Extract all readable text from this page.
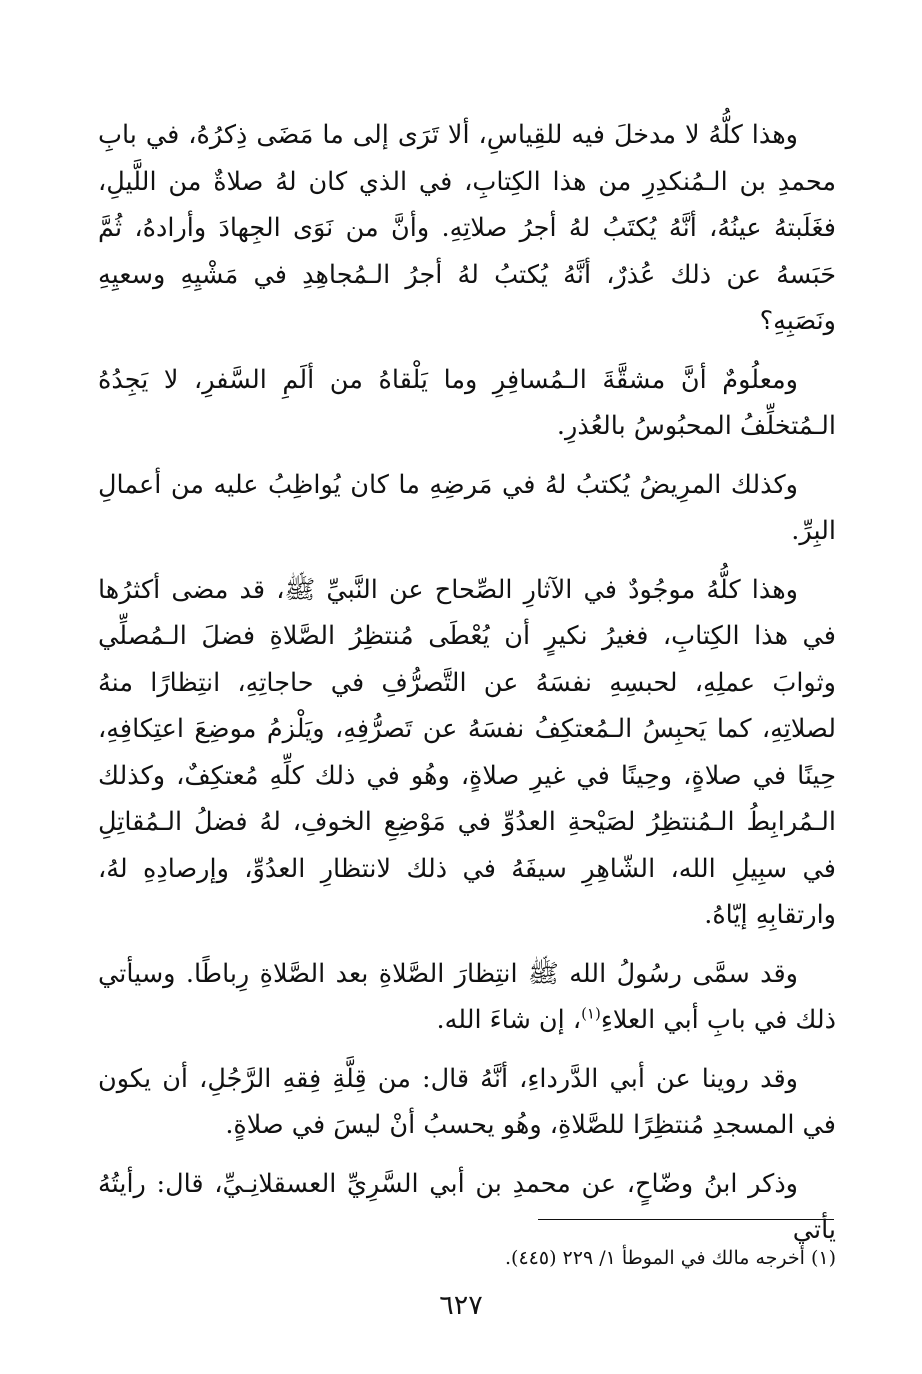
وهذا كلُّهُ لا مدخلَ فيه للقِياسِ، ألا تَرَى إلى ما مَضَى ذِكرُهُ، في بابِ محمدِ بن الـمُنكدِرِ من هذا الكِتابِ، في الذي كان لهُ صلاةٌ من اللَّيلِ، فغَلَبتهُ عينُهُ، أنَّهُ يُكتَبُ لهُ أجرُ صلاتِهِ. وأنَّ من نَوَى الجِهادَ وأرادهُ، ثُمَّ حَبَسهُ عن ذلك عُذرٌ، أنَّهُ يُكتبُ لهُ أجرُ الـمُجاهِدِ في مَشْيِهِ وسعيِهِ ونَصَبِهِ؟

ومعلُومٌ أنَّ مشقَّةَ الـمُسافِرِ وما يَلْقاهُ من ألَمِ السَّفرِ، لا يَجِدُهُ الـمُتخلِّفُ المحبُوسُ بالعُذرِ.

وكذلك المرِيضُ يُكتبُ لهُ في مَرضِهِ ما كان يُواظِبُ عليه من أعمالِ البِرِّ.

وهذا كلُّهُ موجُودٌ في الآثارِ الصِّحاح عن النَّبيِّ ﷺ، قد مضى أكثرُها في هذا الكِتابِ، فغيرُ نكيرٍ أن يُعْطَى مُنتظِرُ الصَّلاةِ فضلَ الـمُصلِّي وثوابَ عملِهِ، لحبسِهِ نفسَهُ عن التَّصرُّفِ في حاجاتِهِ، انتِظارًا منهُ لصلاتِهِ، كما يَحبِسُ الـمُعتكِفُ نفسَهُ عن تَصرُّفِهِ، ويَلْزمُ موضِعَ اعتِكافِهِ، حِينًا في صلاةٍ، وحِينًا في غيرِ صلاةٍ، وهُو في ذلك كلِّهِ مُعتكِفٌ، وكذلك الـمُرابِطُ الـمُنتظِرُ لصَيْحةِ العدُوِّ في مَوْضِعِ الخوفِ، لهُ فضلُ الـمُقاتِلِ في سبِيلِ الله، الشّاهِرِ سيفَهُ في ذلك لانتظارِ العدُوِّ، وإرصادِهِ لهُ، وارتقابِهِ إيّاهُ.

وقد سمَّى رسُولُ الله ﷺ انتِظارَ الصَّلاةِ بعد الصَّلاةِ رِباطًا. وسيأتي ذلك في بابِ أبي العلاءِ$^{(١)}$، إن شاءَ الله.

وقد روينا عن أبي الدَّرداءِ، أنَّهُ قال: من قِلَّةِ فِقهِ الرَّجُلِ، أن يكون في المسجدِ مُنتظِرًا للصَّلاةِ، وهُو يحسبُ أنْ ليسَ في صلاةٍ.

وذكر ابنُ وضّاحٍ، عن محمدِ بن أبي السَّرِيِّ العسقلانِـيِّ، قال: رأيتُهُ يأتي

(١) أخرجه مالك في الموطأ ١/ ٢٢٩ (٤٤٥).
٦٢٧
